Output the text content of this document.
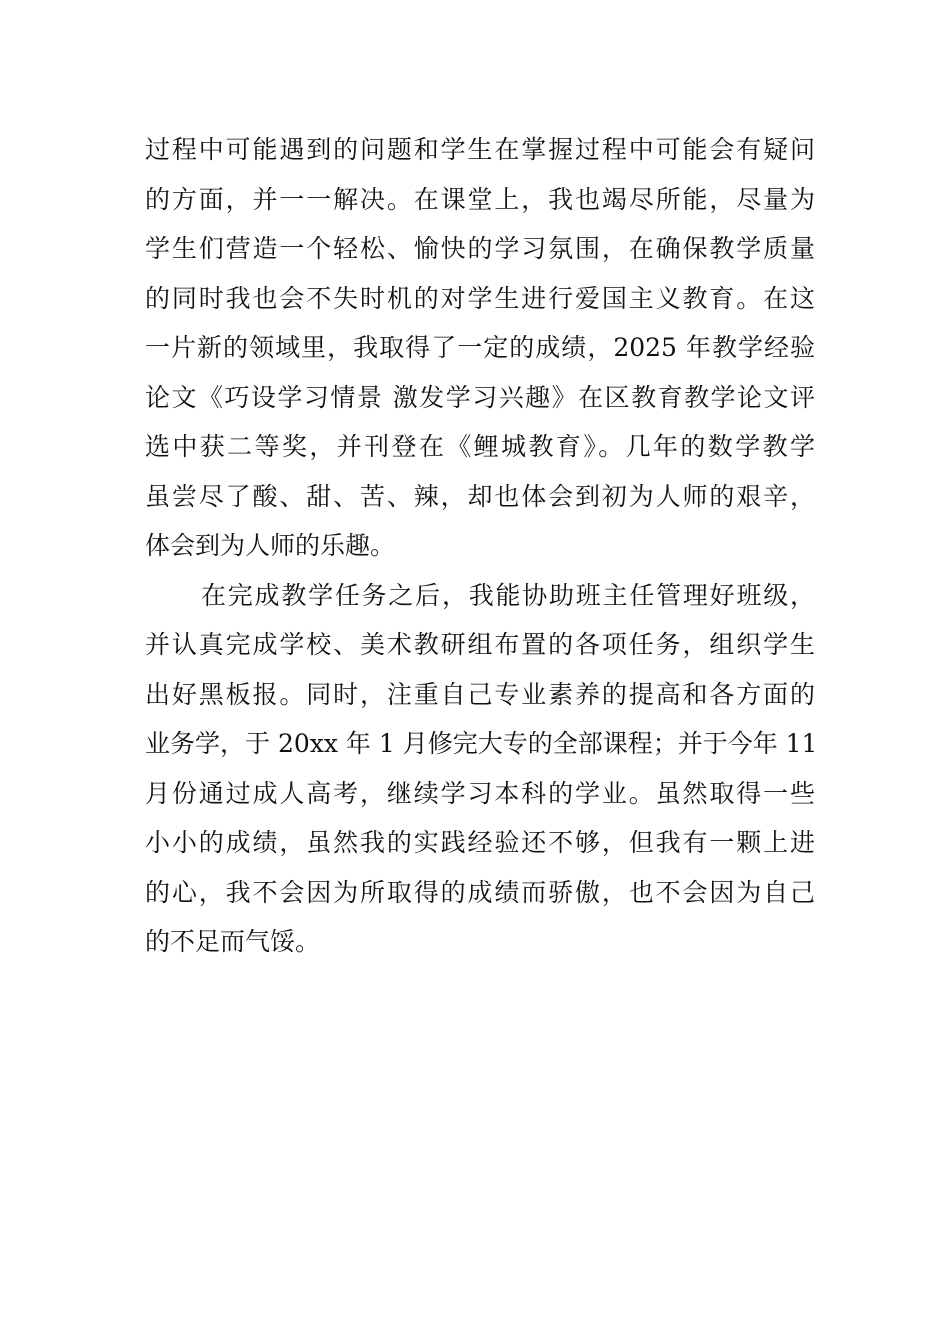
过程中可能遇到的问题和学生在掌握过程中可能会有疑问
的方面，并一一解决。在课堂上，我也竭尽所能，尽量为
学生们营造一个轻松、愉快的学习氛围，在确保教学质量
的同时我也会不失时机的对学生进行爱国主义教育。在这
一片新的领域里，我取得了一定的成绩，2025 年教学经验
论文《巧设学习情景 激发学习兴趣》在区教育教学论文评
选中获二等奖，并刊登在《鲤城教育》。几年的数学教学
虽尝尽了酸、甜、苦、辣，却也体会到初为人师的艰辛，
体会到为人师的乐趣。
在完成教学任务之后，我能协助班主任管理好班级，
并认真完成学校、美术教研组布置的各项任务，组织学生
出好黑板报。同时，注重自己专业素养的提高和各方面的
业务学，于 20xx 年 1 月修完大专的全部课程；并于今年 11
月份通过成人高考，继续学习本科的学业。虽然取得一些
小小的成绩，虽然我的实践经验还不够，但我有一颗上进
的心，我不会因为所取得的成绩而骄傲，也不会因为自己
的不足而气馁。
